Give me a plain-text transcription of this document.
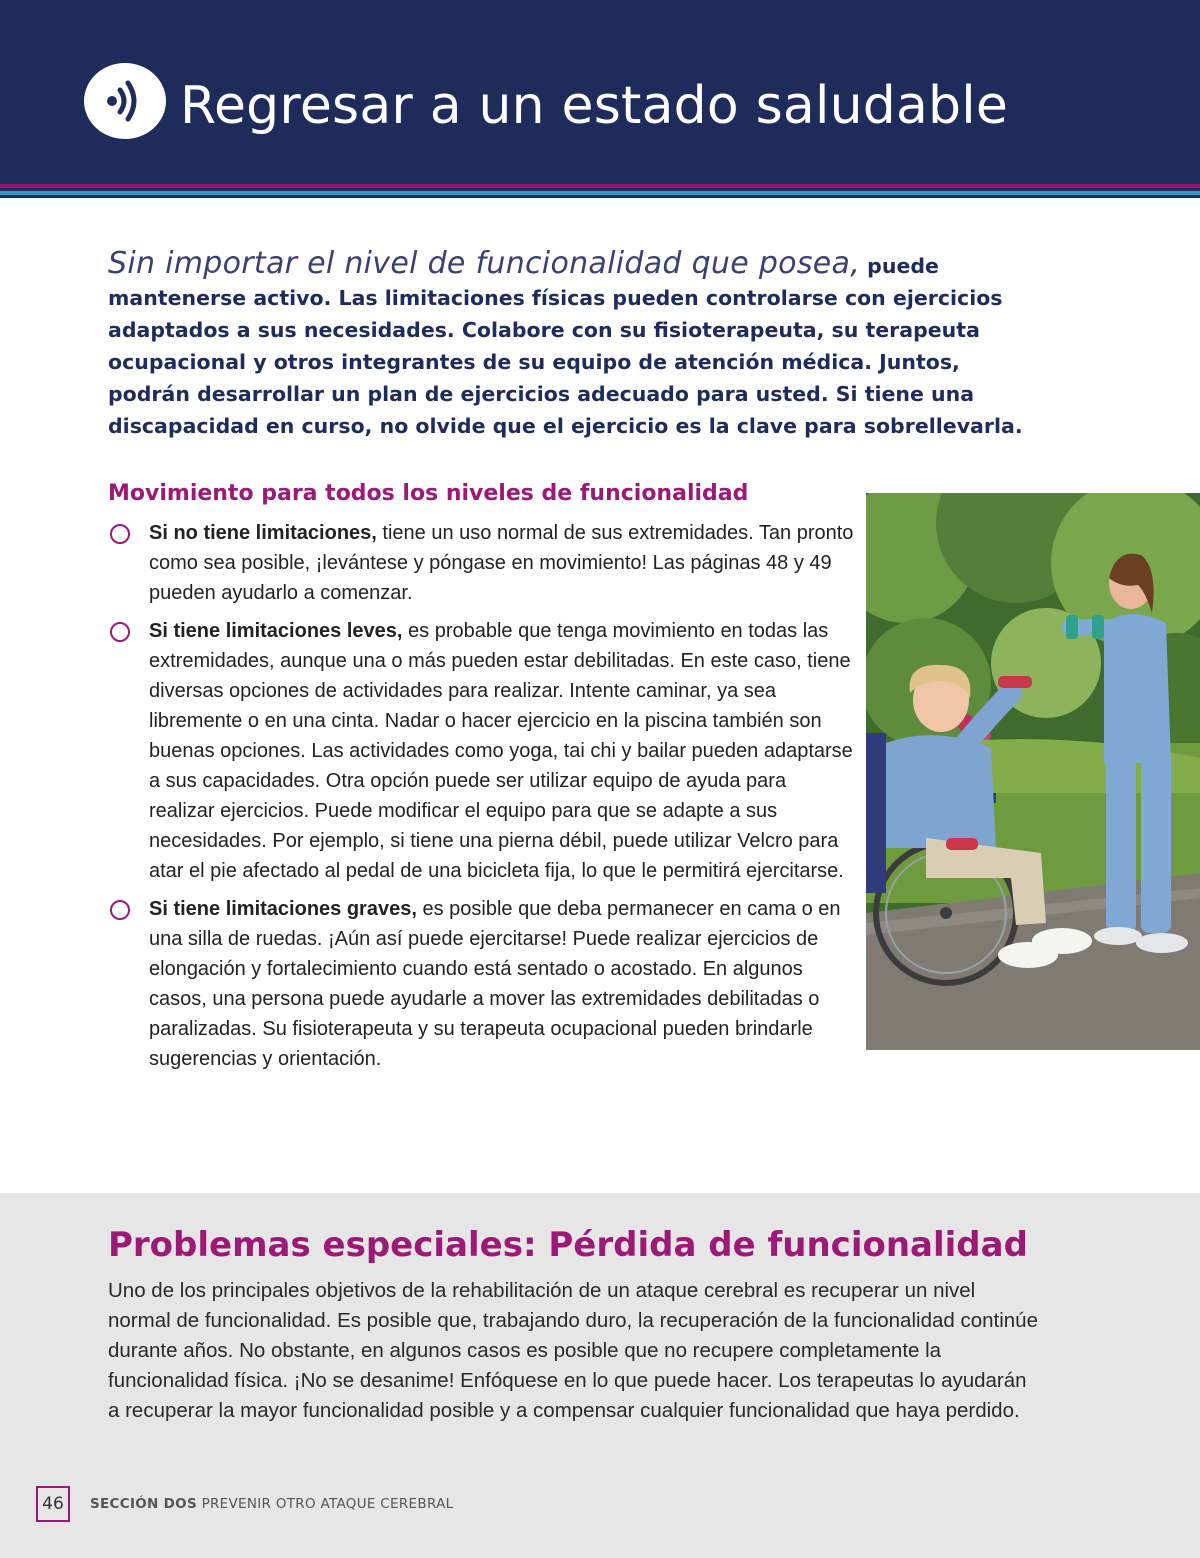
Regresar a un estado saludable

Sin importar el nivel de funcionalidad que posea, puede mantenerse activo. Las limitaciones físicas pueden controlarse con ejercicios adaptados a sus necesidades. Colabore con su fisioterapeuta, su terapeuta ocupacional y otros integrantes de su equipo de atención médica. Juntos, podrán desarrollar un plan de ejercicios adecuado para usted. Si tiene una discapacidad en curso, no olvide que el ejercicio es la clave para sobrellevarla.

Movimiento para todos los niveles de funcionalidad
Si no tiene limitaciones, tiene un uso normal de sus extremidades. Tan pronto como sea posible, ¡levántese y póngase en movimiento! Las páginas 48 y 49 pueden ayudarlo a comenzar.
Si tiene limitaciones leves, es probable que tenga movimiento en todas las extremidades, aunque una o más pueden estar debilitadas. En este caso, tiene diversas opciones de actividades para realizar. Intente caminar, ya sea libremente o en una cinta. Nadar o hacer ejercicio en la piscina también son buenas opciones. Las actividades como yoga, tai chi y bailar pueden adaptarse a sus capacidades. Otra opción puede ser utilizar equipo de ayuda para realizar ejercicios. Puede modificar el equipo para que se adapte a sus necesidades. Por ejemplo, si tiene una pierna débil, puede utilizar Velcro para atar el pie afectado al pedal de una bicicleta fija, lo que le permitirá ejercitarse.
Si tiene limitaciones graves, es posible que deba permanecer en cama o en una silla de ruedas. ¡Aún así puede ejercitarse! Puede realizar ejercicios de elongación y fortalecimiento cuando está sentado o acostado. En algunos casos, una persona puede ayudarle a mover las extremidades debilitadas o paralizadas. Su fisioterapeuta y su terapeuta ocupacional pueden brindarle sugerencias y orientación.
Problemas especiales: Pérdida de funcionalidad

Uno de los principales objetivos de la rehabilitación de un ataque cerebral es recuperar un nivel normal de funcionalidad. Es posible que, trabajando duro, la recuperación de la funcionalidad continúe durante años. No obstante, en algunos casos es posible que no recupere completamente la funcionalidad física. ¡No se desanime! Enfóquese en lo que puede hacer. Los terapeutas lo ayudarán a recuperar la mayor funcionalidad posible y a compensar cualquier funcionalidad que haya perdido.

46	SECCIÓN DOS PREVENIR OTRO ATAQUE CEREBRAL
